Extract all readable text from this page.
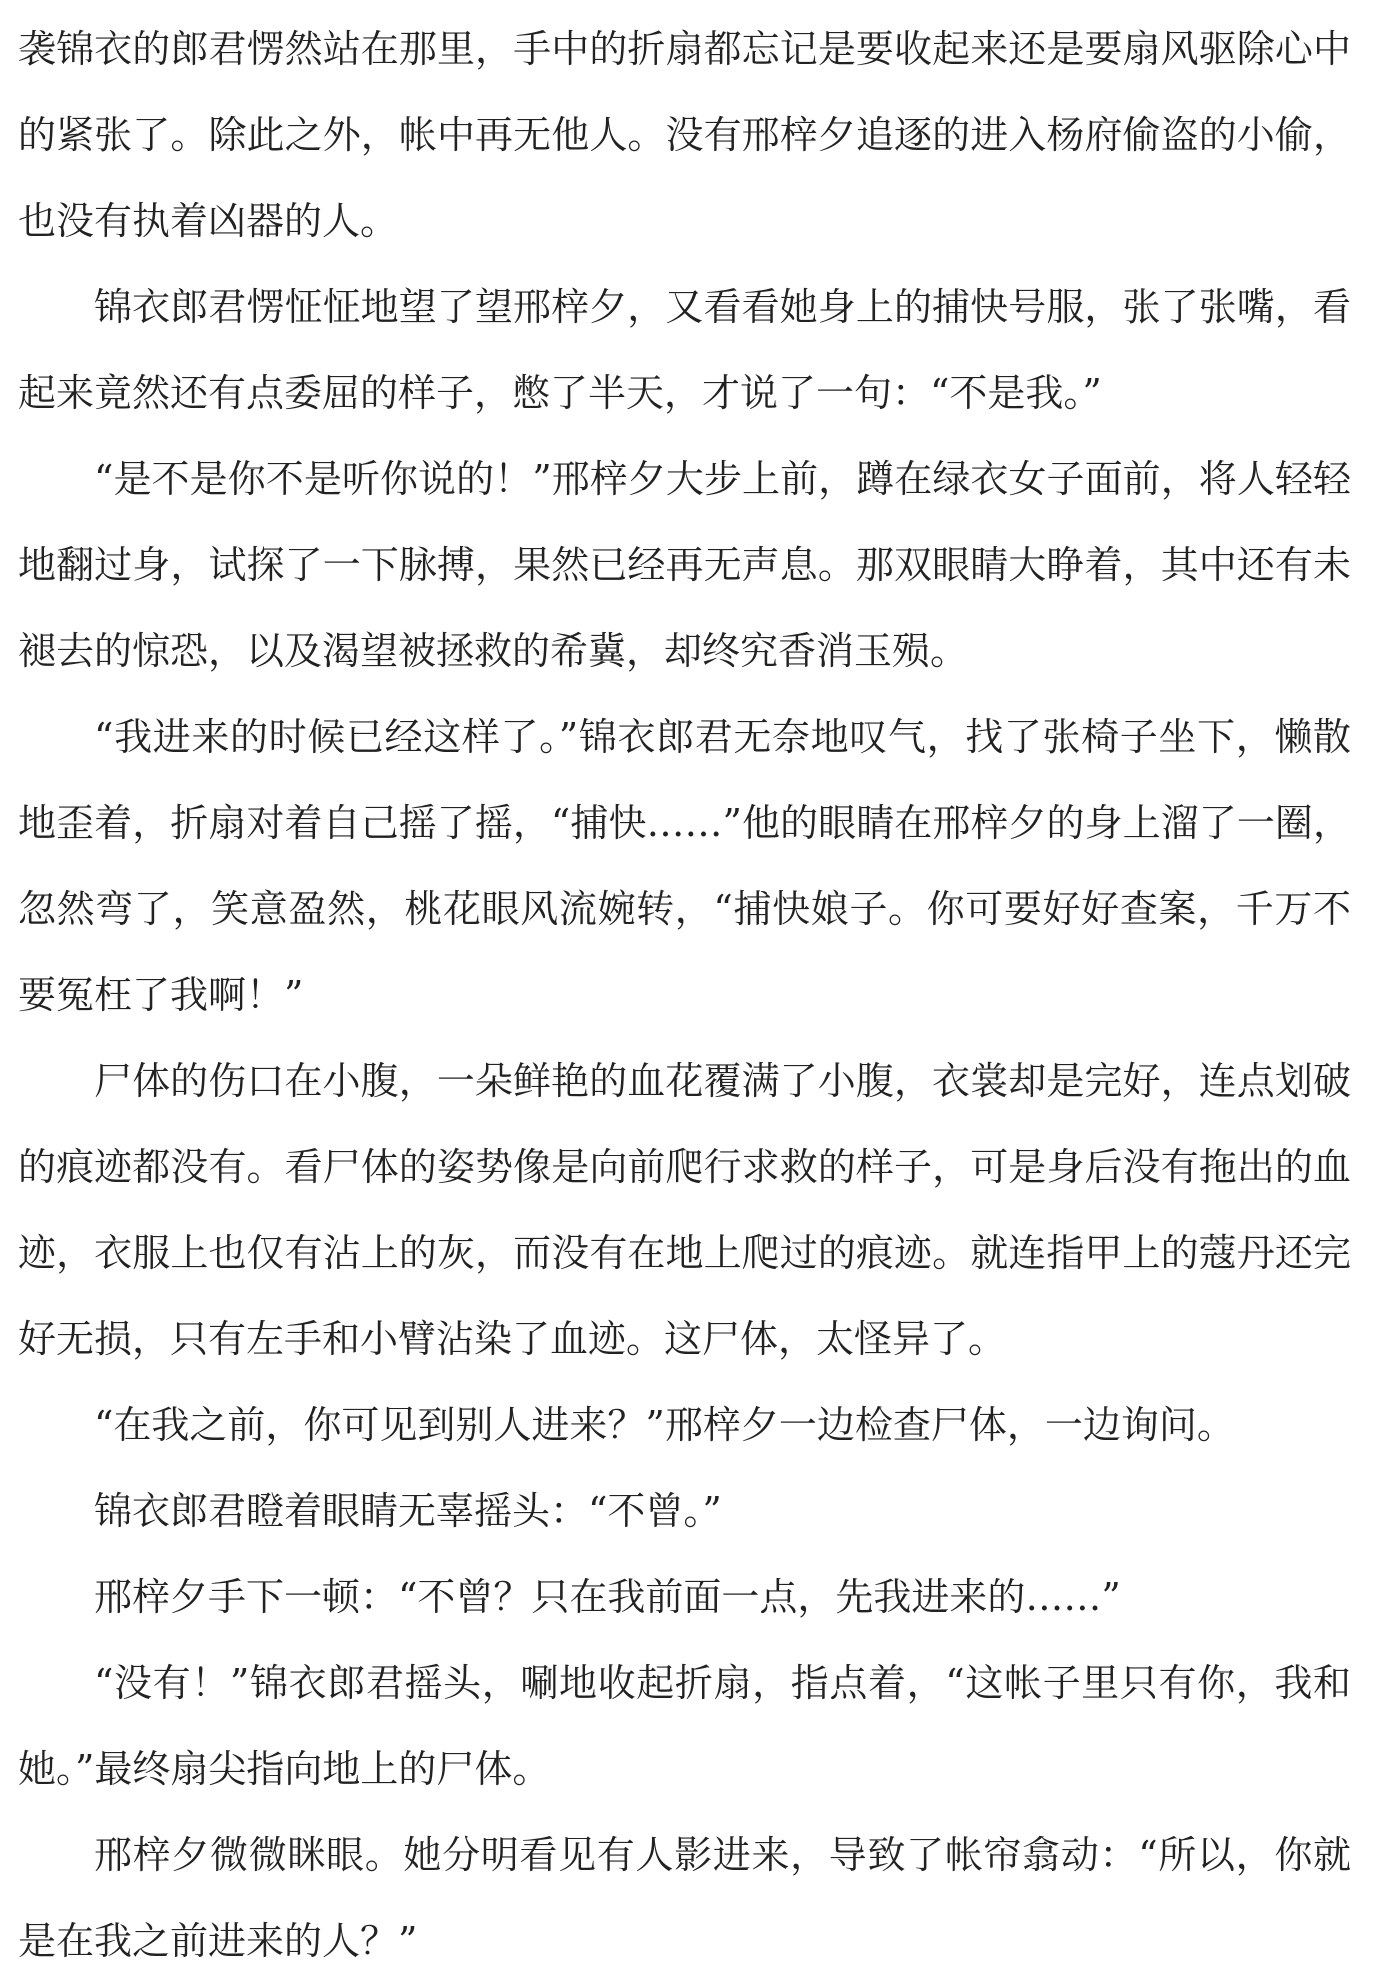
袭锦衣的郎君愣然站在那里，手中的折扇都忘记是要收起来还是要扇风驱除心中的紧张了。除此之外，帐中再无他人。没有邢梓夕追逐的进入杨府偷盗的小偷，也没有执着凶器的人。

锦衣郎君愣怔怔地望了望邢梓夕，又看看她身上的捕快号服，张了张嘴，看起来竟然还有点委屈的样子，憋了半天，才说了一句：“不是我。”

“是不是你不是听你说的！”邢梓夕大步上前，蹲在绿衣女子面前，将人轻轻地翻过身，试探了一下脉搏，果然已经再无声息。那双眼睛大睁着，其中还有未褪去的惊恐，以及渴望被拯救的希冀，却终究香消玉殒。

“我进来的时候已经这样了。”锦衣郎君无奈地叹气，找了张椅子坐下，懒散地歪着，折扇对着自己摇了摇，“捕快……”他的眼睛在邢梓夕的身上溜了一圈，忽然弯了，笑意盈然，桃花眼风流婉转，“捕快娘子。你可要好好查案，千万不要冤枉了我啊！”

尸体的伤口在小腹，一朵鲜艳的血花覆满了小腹，衣裳却是完好，连点划破的痕迹都没有。看尸体的姿势像是向前爬行求救的样子，可是身后没有拖出的血迹，衣服上也仅有沾上的灰，而没有在地上爬过的痕迹。就连指甲上的蔻丹还完好无损，只有左手和小臂沾染了血迹。这尸体，太怪异了。

“在我之前，你可见到别人进来？”邢梓夕一边检查尸体，一边询问。

锦衣郎君瞪着眼睛无辜摇头：“不曾。”

邢梓夕手下一顿：“不曾？只在我前面一点，先我进来的……”

“没有！”锦衣郎君摇头，唰地收起折扇，指点着，“这帐子里只有你，我和她。”最终扇尖指向地上的尸体。

邢梓夕微微眯眼。她分明看见有人影进来，导致了帐帘翕动：“所以，你就是在我之前进来的人？”
